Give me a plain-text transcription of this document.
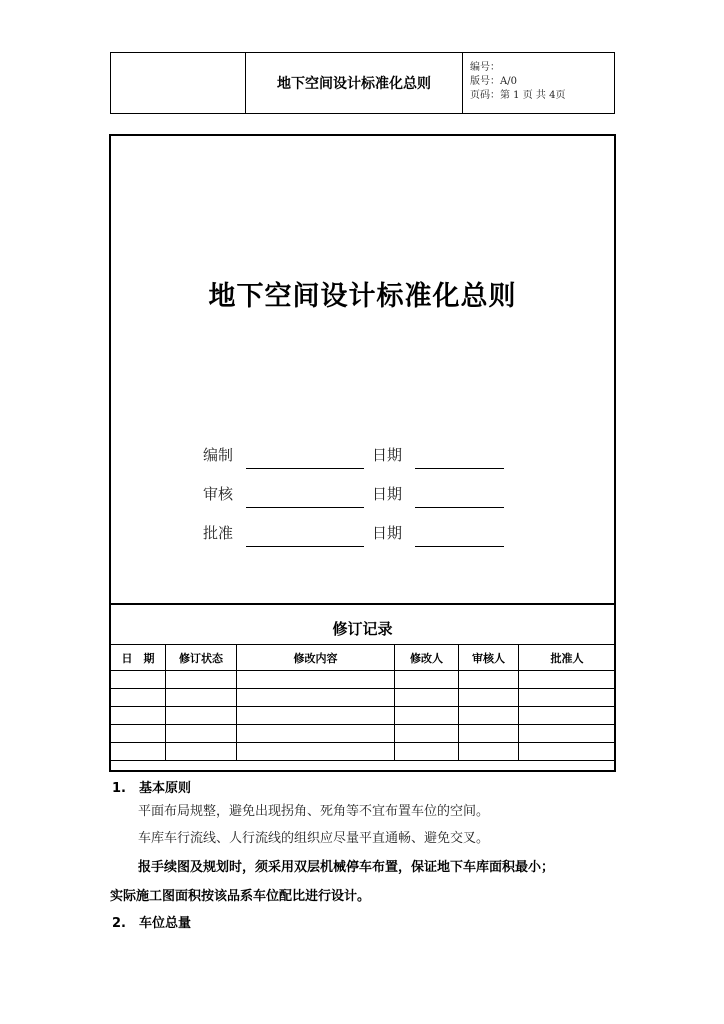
地下空间设计标准化总则
编号：
版号：A/0
页码：第 1 页 共 4页
地下空间设计标准化总则
编制	日期
审核	日期
批准	日期
修订记录
日　期	修订状态	修改内容	修改人	审核人	批准人

1.　基本原则
平面布局规整，避免出现拐角、死角等不宜布置车位的空间。
车库车行流线、人行流线的组织应尽量平直通畅、避免交叉。
报手续图及规划时，须采用双层机械停车布置，保证地下车库面积最小；
实际施工图面积按该品系车位配比进行设计。
2.　车位总量
